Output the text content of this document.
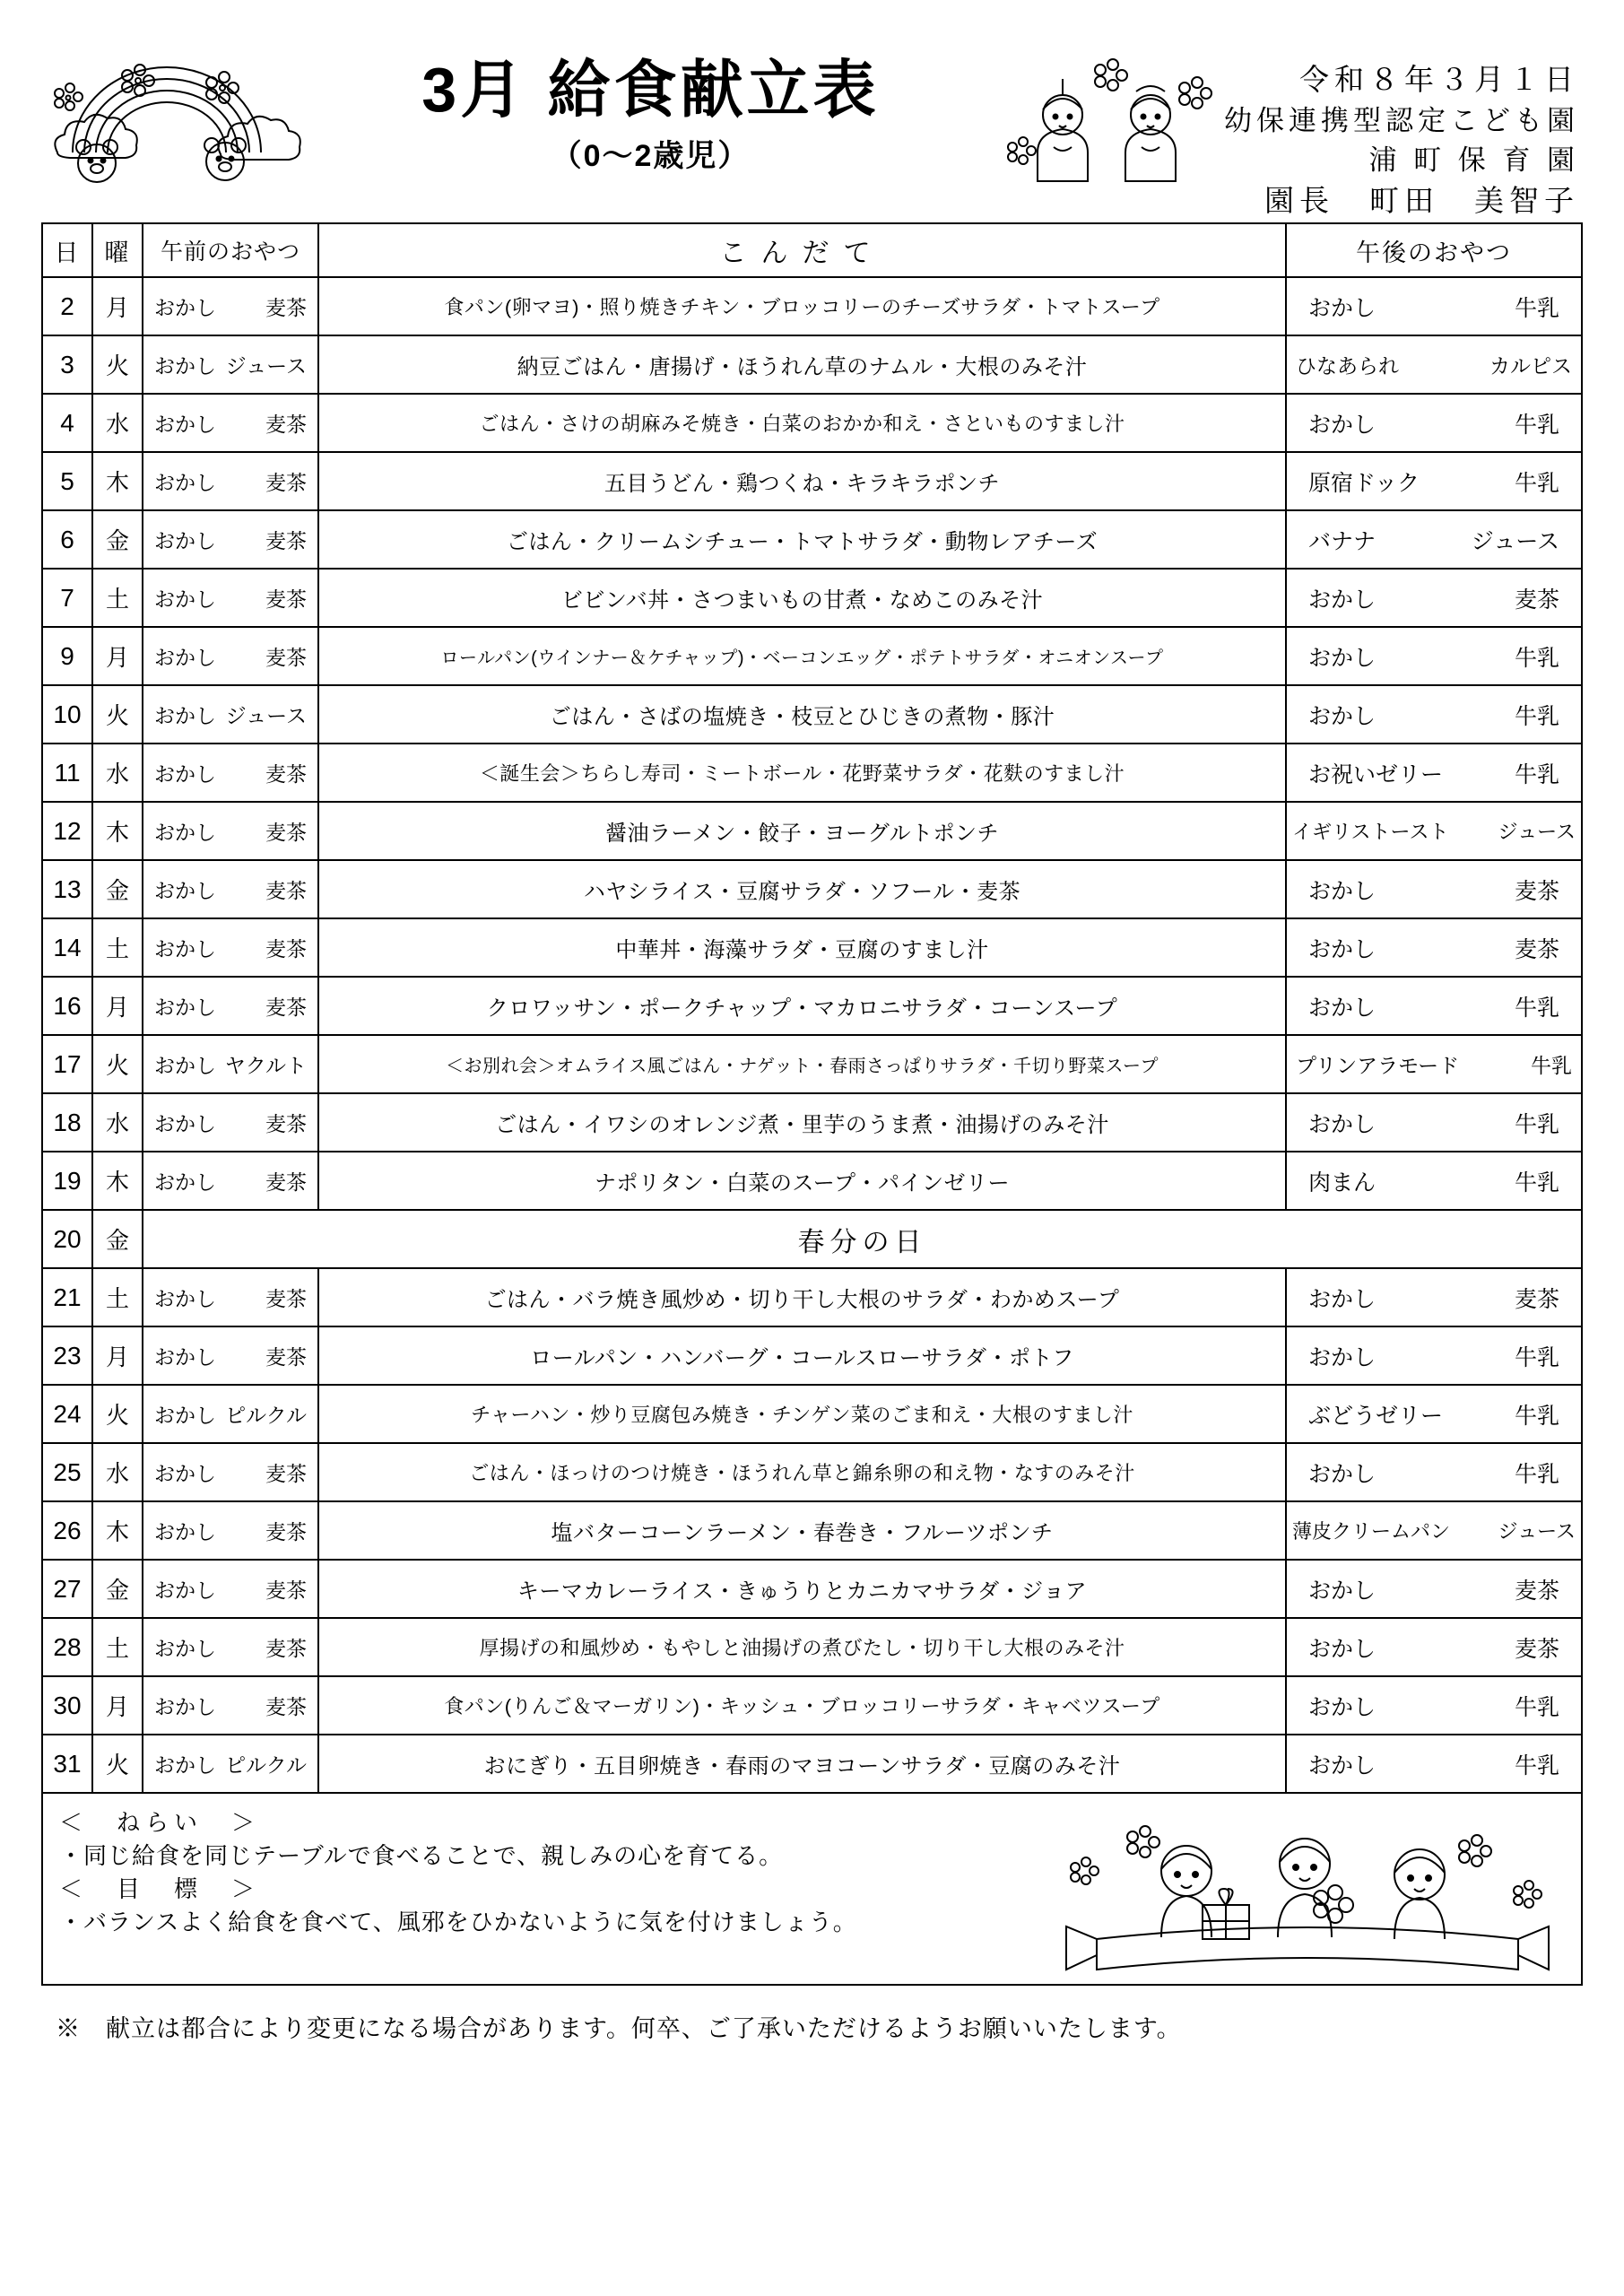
3月 給食献立表
（0～2歳児）
令和８年３月１日
幼保連携型認定こども園
浦 町 保 育 園
園長　町田　美智子
日	曜	午前のおやつ	こんだて	午後のおやつ
2	月	おかし 麦茶	食パン(卵マヨ)・照り焼きチキン・ブロッコリーのチーズサラダ・トマトスープ	おかし 牛乳

3	火	おかし ジュース	納豆ごはん・唐揚げ・ほうれん草のナムル・大根のみそ汁	ひなあられ カルピス

4	水	おかし 麦茶	ごはん・さけの胡麻みそ焼き・白菜のおかか和え・さといものすまし汁	おかし 牛乳

5	木	おかし 麦茶	五目うどん・鶏つくね・キラキラポンチ	原宿ドック 牛乳

6	金	おかし 麦茶	ごはん・クリームシチュー・トマトサラダ・動物レアチーズ	バナナ ジュース

7	土	おかし 麦茶	ビビンバ丼・さつまいもの甘煮・なめこのみそ汁	おかし 麦茶

9	月	おかし 麦茶	ロールパン(ウインナー＆ケチャップ)・ベーコンエッグ・ポテトサラダ・オニオンスープ	おかし 牛乳

10	火	おかし ジュース	ごはん・さばの塩焼き・枝豆とひじきの煮物・豚汁	おかし 牛乳

11	水	おかし 麦茶	＜誕生会＞ちらし寿司・ミートボール・花野菜サラダ・花麩のすまし汁	お祝いゼリー 牛乳

12	木	おかし 麦茶	醤油ラーメン・餃子・ヨーグルトポンチ	イギリストースト ジュース

13	金	おかし 麦茶	ハヤシライス・豆腐サラダ・ソフール・麦茶	おかし 麦茶

14	土	おかし 麦茶	中華丼・海藻サラダ・豆腐のすまし汁	おかし 麦茶

16	月	おかし 麦茶	クロワッサン・ポークチャップ・マカロニサラダ・コーンスープ	おかし 牛乳

17	火	おかし ヤクルト	＜お別れ会＞オムライス風ごはん・ナゲット・春雨さっぱりサラダ・千切り野菜スープ	プリンアラモード 牛乳

18	水	おかし 麦茶	ごはん・イワシのオレンジ煮・里芋のうま煮・油揚げのみそ汁	おかし 牛乳

19	木	おかし 麦茶	ナポリタン・白菜のスープ・パインゼリー	肉まん 牛乳

20	金	春分の日		
21	土	おかし 麦茶	ごはん・バラ焼き風炒め・切り干し大根のサラダ・わかめスープ	おかし 麦茶

23	月	おかし 麦茶	ロールパン・ハンバーグ・コールスローサラダ・ポトフ	おかし 牛乳

24	火	おかし ピルクル	チャーハン・炒り豆腐包み焼き・チンゲン菜のごま和え・大根のすまし汁	ぶどうゼリー 牛乳

25	水	おかし 麦茶	ごはん・ほっけのつけ焼き・ほうれん草と錦糸卵の和え物・なすのみそ汁	おかし 牛乳

26	木	おかし 麦茶	塩バターコーンラーメン・春巻き・フルーツポンチ	薄皮クリームパン ジュース

27	金	おかし 麦茶	キーマカレーライス・きゅうりとカニカマサラダ・ジョア	おかし 麦茶

28	土	おかし 麦茶	厚揚げの和風炒め・もやしと油揚げの煮びたし・切り干し大根のみそ汁	おかし 麦茶

30	月	おかし 麦茶	食パン(りんご＆マーガリン)・キッシュ・ブロッコリーサラダ・キャベツスープ	おかし 牛乳

31	火	おかし ピルクル	おにぎり・五目卵焼き・春雨のマヨコーンサラダ・豆腐のみそ汁	おかし 牛乳
＜　ねらい　＞
・同じ給食を同じテーブルで食べることで、親しみの心を育てる。
＜　目　標　＞
・バランスよく給食を食べて、風邪をひかないように気を付けましょう。
※　献立は都合により変更になる場合があります。何卒、ご了承いただけるようお願いいたします。
